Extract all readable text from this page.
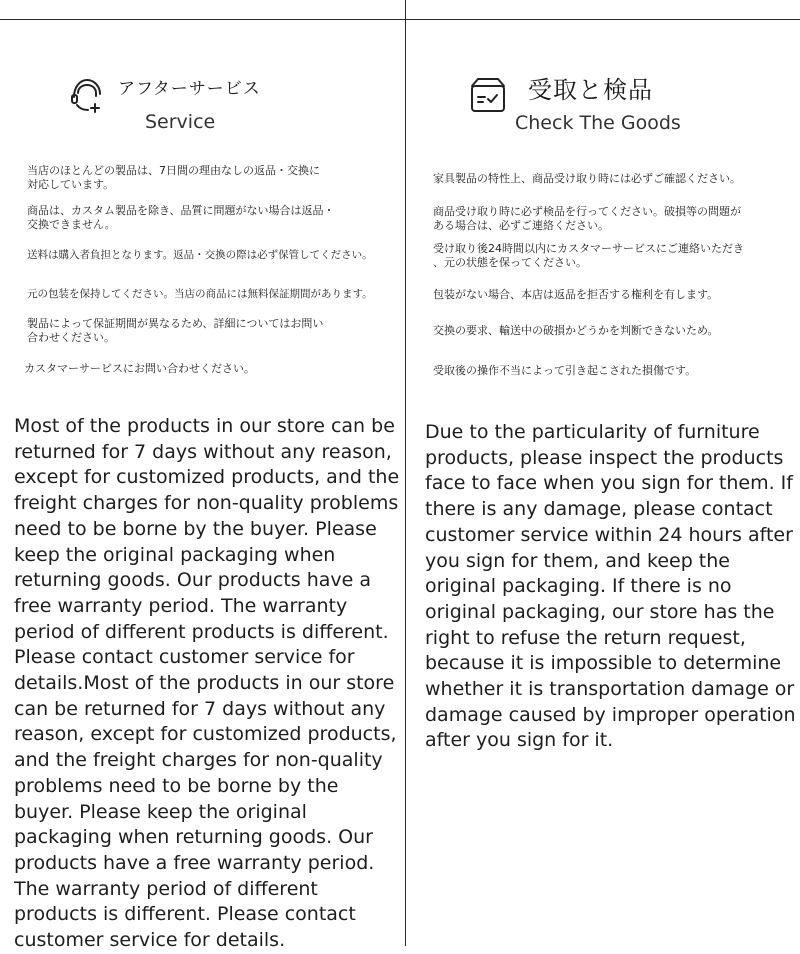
アフターサービス
Service
当店のほとんどの製品は、7日間の理由なしの返品・交換に
対応しています。
商品は、カスタム製品を除き、品質に問題がない場合は返品・
交換できません。
送料は購入者負担となります。返品・交換の際は必ず保管してください。
元の包装を保持してください。当店の商品には無料保証期間があります。
製品によって保証期間が異なるため、詳細についてはお問い
合わせください。
カスタマーサービスにお問い合わせください。
Most of the products in our store can be returned for 7 days without any reason, except for customized products, and the freight charges for non-quality problems need to be borne by the buyer. Please keep the original packaging when returning goods. Our products have a free warranty period. The warranty period of different products is different. Please contact customer service for details.Most of the products in our store can be returned for 7 days without any reason, except for customized products, and the freight charges for non-quality problems need to be borne by the buyer. Please keep the original packaging when returning goods. Our products have a free warranty period. The warranty period of different products is different. Please contact customer service for details.
受取と検品
Check The Goods
家具製品の特性上、商品受け取り時には必ずご確認ください。
商品受け取り時に必ず検品を行ってください。破損等の問題が
ある場合は、必ずご連絡ください。
受け取り後24時間以内にカスタマーサービスにご連絡いただき
、元の状態を保ってください。
包装がない場合、本店は返品を拒否する権利を有します。
交換の要求、輸送中の破損かどうかを判断できないため。
受取後の操作不当によって引き起こされた損傷です。
Due to the particularity of furniture products, please inspect the products face to face when you sign for them. If there is any damage, please contact customer service within 24 hours after you sign for them, and keep the original packaging. If there is no original packaging, our store has the right to refuse the return request, because it is impossible to determine whether it is transportation damage or damage caused by improper operation after you sign for it.
